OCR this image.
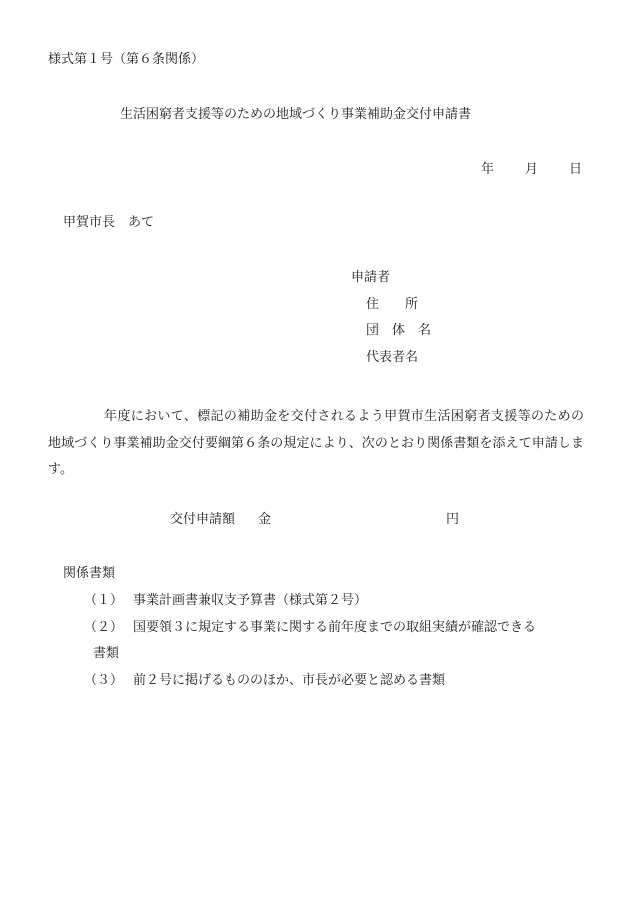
様式第１号（第６条関係）
生活困窮者支援等のための地域づくり事業補助金交付申請書
年 月 日
甲賀市長　あて
申請者
住　　所
団　体　名
代表者名
年度において、標記の補助金を交付されるよう甲賀市生活困窮者支援等のための地域づくり事業補助金交付要綱第６条の規定により、次のとおり関係書類を添えて申請します。
交付申請額 金	円
関係書類
（１） 事業計画書兼収支予算書（様式第２号）
（２） 国要領３に規定する事業に関する前年度までの取組実績が確認できる
書類
（３） 前２号に掲げるもののほか、市長が必要と認める書類
